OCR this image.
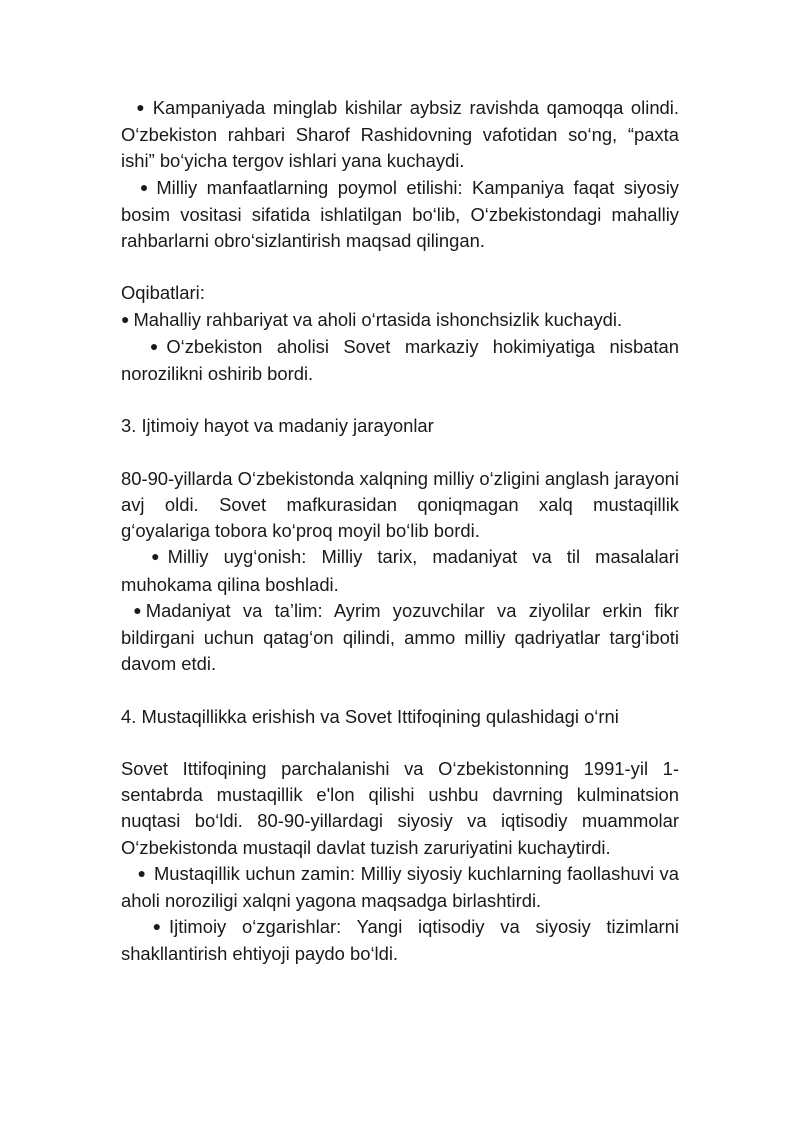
● Kampaniyada minglab kishilar aybsiz ravishda qamoqqa olindi. O‘zbekiston rahbari Sharof Rashidovning vafotidan so‘ng, “paxta ishi” bo‘yicha tergov ishlari yana kuchaydi.

● Milliy manfaatlarning poymol etilishi: Kampaniya faqat siyosiy bosim vositasi sifatida ishlatilgan bo‘lib, O‘zbekistondagi mahalliy rahbarlarni obro‘sizlantirish maqsad qilingan.

Oqibatlari:

● Mahalliy rahbariyat va aholi o‘rtasida ishonchsizlik kuchaydi.

● O‘zbekiston aholisi Sovet markaziy hokimiyatiga nisbatan norozilikni oshirib bordi.

3. Ijtimoiy hayot va madaniy jarayonlar

80-90-yillarda O‘zbekistonda xalqning milliy o‘zligini anglash jarayoni avj oldi. Sovet mafkurasidan qoniqmagan xalq mustaqillik g‘oyalariga tobora ko‘proq moyil bo‘lib bordi.

● Milliy uyg‘onish: Milliy tarix, madaniyat va til masalalari muhokama qilina boshladi.

● Madaniyat va ta’lim: Ayrim yozuvchilar va ziyolilar erkin fikr bildirgani uchun qatag‘on qilindi, ammo milliy qadriyatlar targ‘iboti davom etdi.

4. Mustaqillikka erishish va Sovet Ittifoqining qulashidagi o‘rni

Sovet Ittifoqining parchalanishi va O‘zbekistonning 1991-yil 1-sentabrda mustaqillik e'lon qilishi ushbu davrning kulminatsion nuqtasi bo‘ldi. 80-90-yillardagi siyosiy va iqtisodiy muammolar O‘zbekistonda mustaqil davlat tuzish zaruriyatini kuchaytirdi.

● Mustaqillik uchun zamin: Milliy siyosiy kuchlarning faollashuvi va aholi noroziligi xalqni yagona maqsadga birlashtirdi.

● Ijtimoiy o‘zgarishlar: Yangi iqtisodiy va siyosiy tizimlarni shakllantirish ehtiyoji paydo bo‘ldi.
